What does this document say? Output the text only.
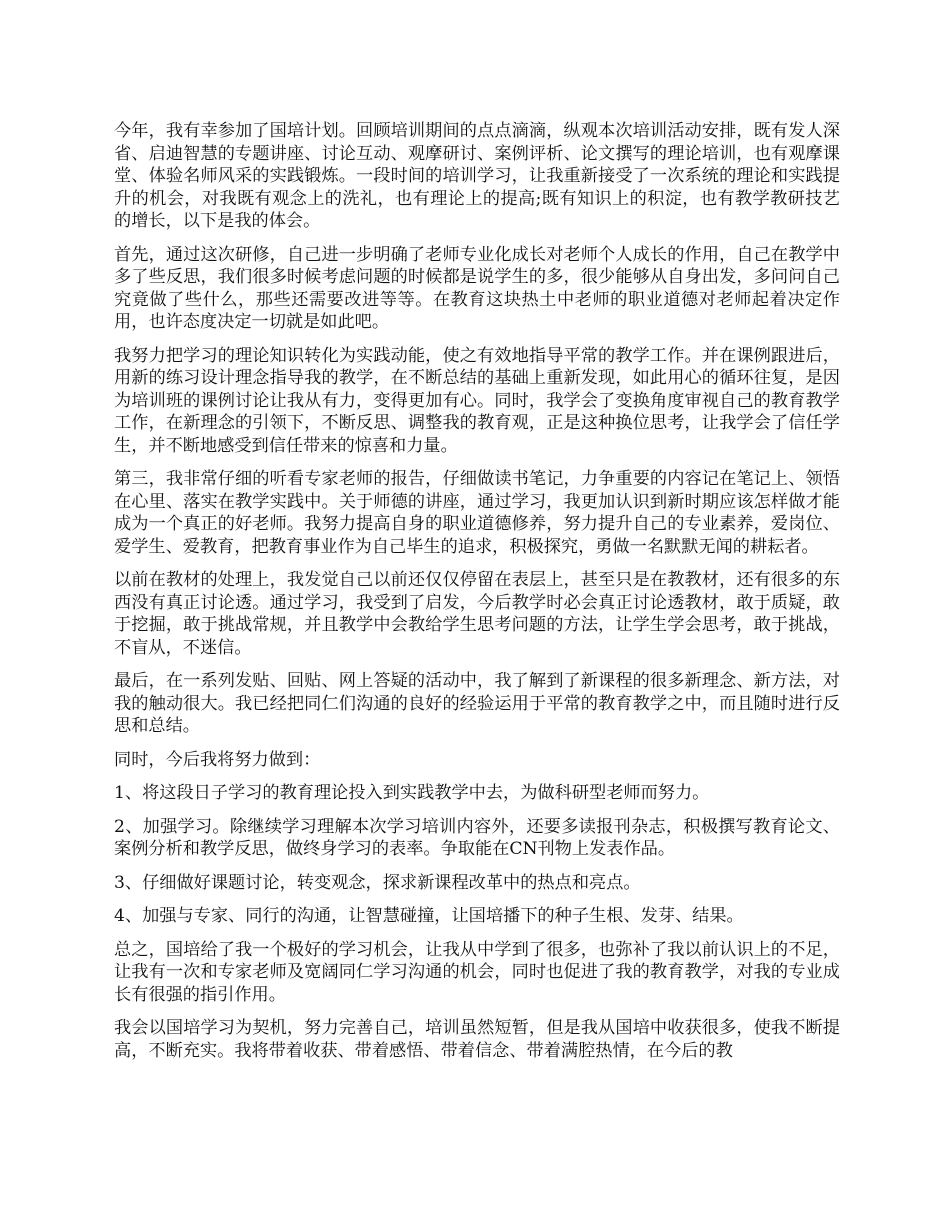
今年，我有幸参加了国培计划。回顾培训期间的点点滴滴，纵观本次培训活动安排，既有发人深省、启迪智慧的专题讲座、讨论互动、观摩研讨、案例评析、论文撰写的理论培训，也有观摩课堂、体验名师风采的实践锻炼。一段时间的培训学习，让我重新接受了一次系统的理论和实践提升的机会，对我既有观念上的洗礼，也有理论上的提高;既有知识上的积淀，也有教学教研技艺的增长，以下是我的体会。

首先，通过这次研修，自己进一步明确了老师专业化成长对老师个人成长的作用，自己在教学中多了些反思，我们很多时候考虑问题的时候都是说学生的多，很少能够从自身出发，多问问自己究竟做了些什么，那些还需要改进等等。在教育这块热土中老师的职业道德对老师起着决定作用，也许态度决定一切就是如此吧。

我努力把学习的理论知识转化为实践动能，使之有效地指导平常的教学工作。并在课例跟进后，用新的练习设计理念指导我的教学，在不断总结的基础上重新发现，如此用心的循环往复，是因为培训班的课例讨论让我从有力，变得更加有心。同时，我学会了变换角度审视自己的教育教学工作，在新理念的引领下，不断反思、调整我的教育观，正是这种换位思考，让我学会了信任学生，并不断地感受到信任带来的惊喜和力量。

第三，我非常仔细的听看专家老师的报告，仔细做读书笔记，力争重要的内容记在笔记上、领悟在心里、落实在教学实践中。关于师德的讲座，通过学习，我更加认识到新时期应该怎样做才能成为一个真正的好老师。我努力提高自身的职业道德修养，努力提升自己的专业素养，爱岗位、爱学生、爱教育，把教育事业作为自己毕生的追求，积极探究，勇做一名默默无闻的耕耘者。

以前在教材的处理上，我发觉自己以前还仅仅停留在表层上，甚至只是在教教材，还有很多的东西没有真正讨论透。通过学习，我受到了启发，今后教学时必会真正讨论透教材，敢于质疑，敢于挖掘，敢于挑战常规，并且教学中会教给学生思考问题的方法，让学生学会思考，敢于挑战，不盲从，不迷信。

最后，在一系列发贴、回贴、网上答疑的活动中，我了解到了新课程的很多新理念、新方法，对我的触动很大。我已经把同仁们沟通的良好的经验运用于平常的教育教学之中，而且随时进行反思和总结。

同时，今后我将努力做到：

1、将这段日子学习的教育理论投入到实践教学中去，为做科研型老师而努力。

2、加强学习。除继续学习理解本次学习培训内容外，还要多读报刊杂志，积极撰写教育论文、案例分析和教学反思，做终身学习的表率。争取能在CN刊物上发表作品。

3、仔细做好课题讨论，转变观念，探求新课程改革中的热点和亮点。

4、加强与专家、同行的沟通，让智慧碰撞，让国培播下的种子生根、发芽、结果。

总之，国培给了我一个极好的学习机会，让我从中学到了很多，也弥补了我以前认识上的不足，让我有一次和专家老师及宽阔同仁学习沟通的机会，同时也促进了我的教育教学，对我的专业成长有很强的指引作用。

我会以国培学习为契机，努力完善自己，培训虽然短暂，但是我从国培中收获很多，使我不断提高，不断充实。我将带着收获、带着感悟、带着信念、带着满腔热情，在今后的教
